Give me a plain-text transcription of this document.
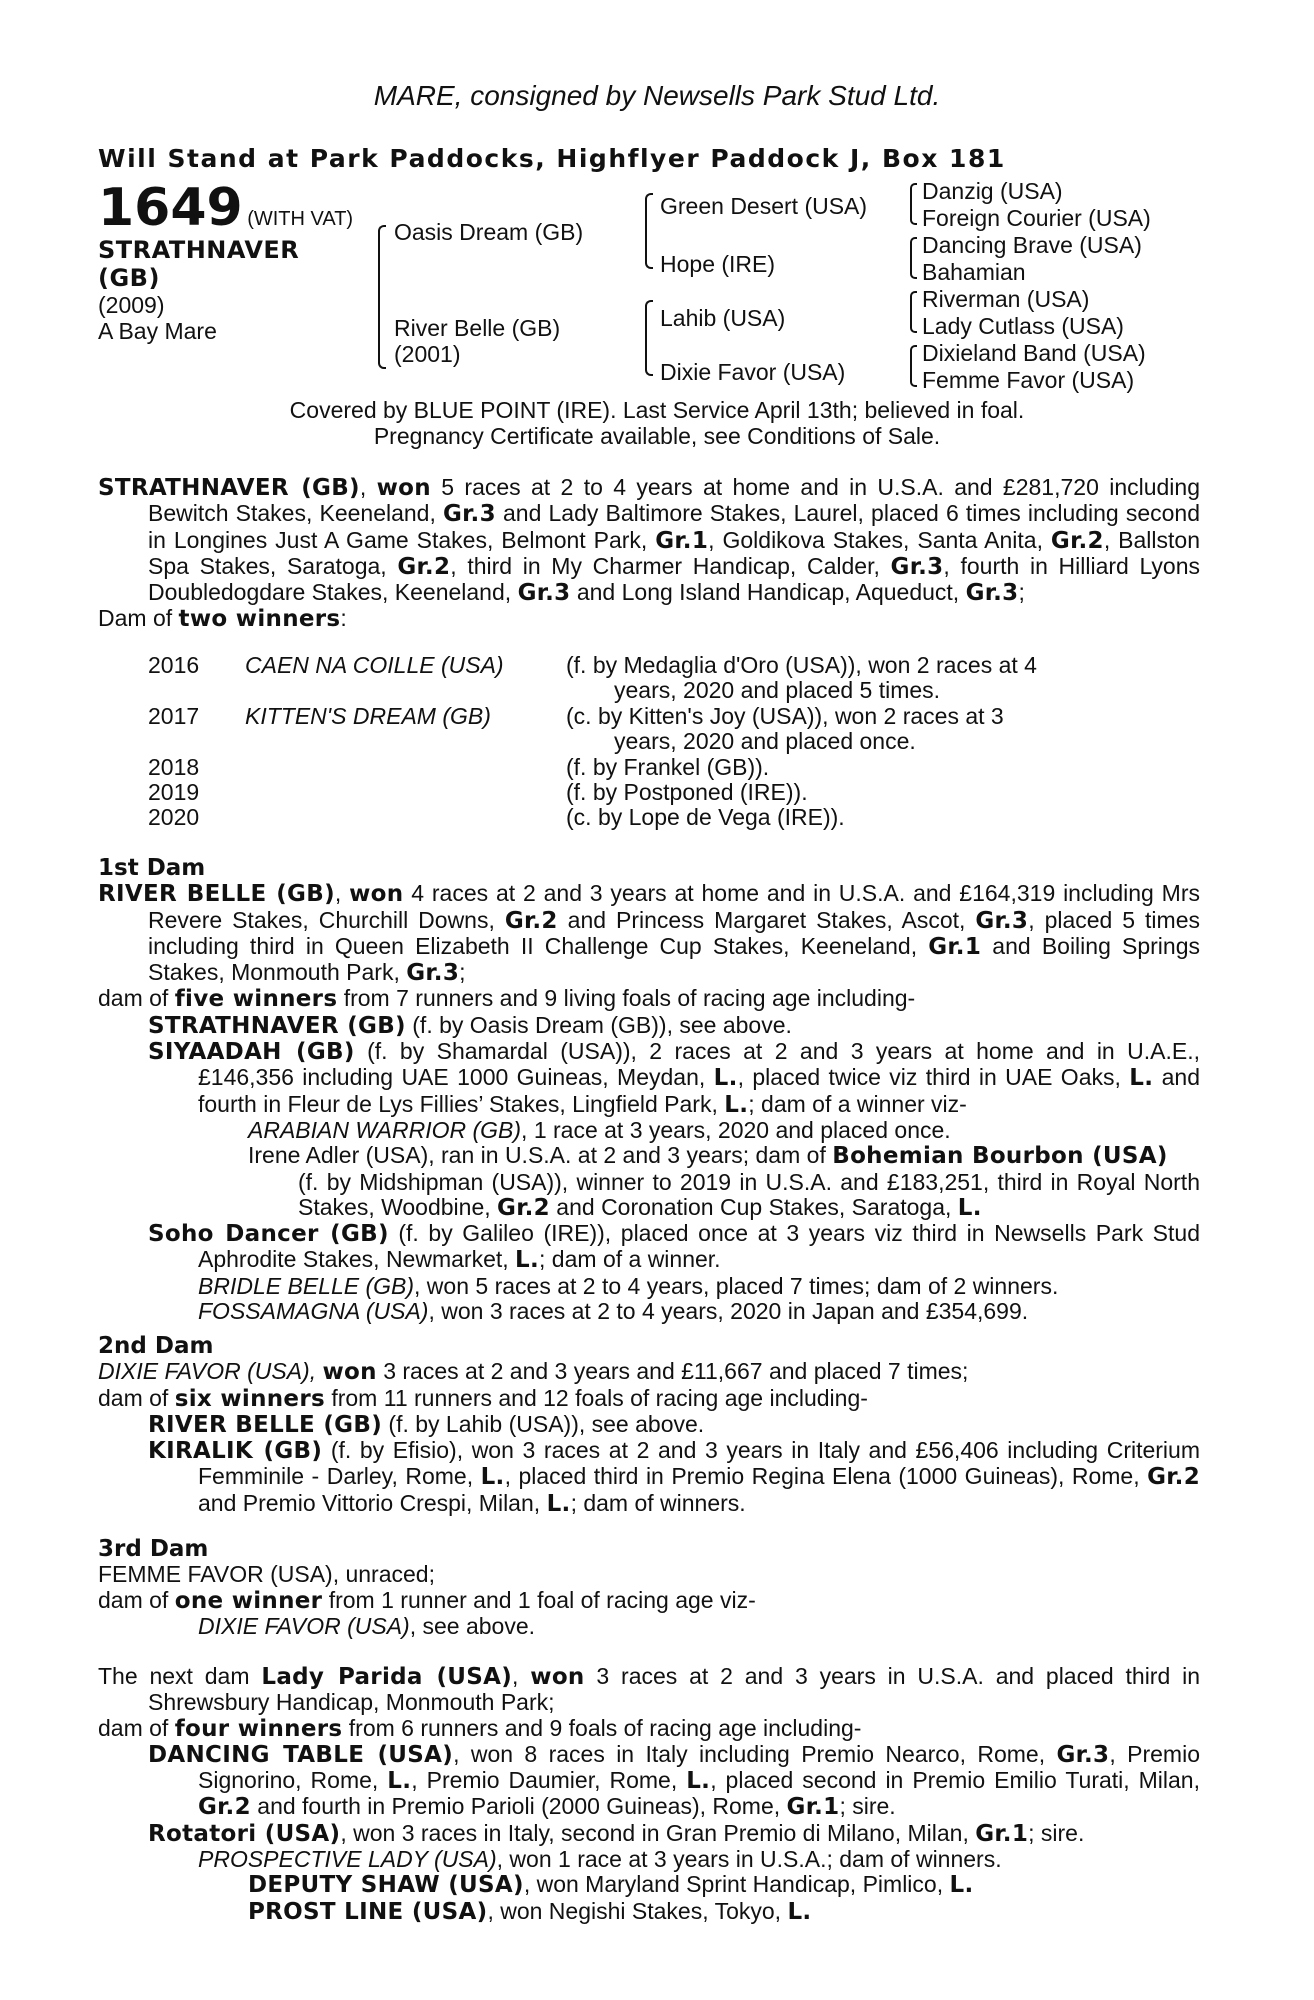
MARE, consigned by Newsells Park Stud Ltd.
Will Stand at Park Paddocks, Highflyer Paddock J, Box 181
1649 (WITH VAT)
STRATHNAVER
(GB)
(2009)
A Bay Mare
Oasis Dream (GB)
River Belle (GB)
(2001)
Green Desert (USA)
Hope (IRE)
Lahib (USA)
Dixie Favor (USA)
Danzig (USA)
Foreign Courier (USA)
Dancing Brave (USA)
Bahamian
Riverman (USA)
Lady Cutlass (USA)
Dixieland Band (USA)
Femme Favor (USA)
Covered by BLUE POINT (IRE). Last Service April 13th; believed in foal.
Pregnancy Certificate available, see Conditions of Sale.

STRATHNAVER (GB), won 5 races at 2 to 4 years at home and in U.S.A. and £281,720 including Bewitch Stakes, Keeneland, Gr.3 and Lady Baltimore Stakes, Laurel, placed 6 times including second in Longines Just A Game Stakes, Belmont Park, Gr.1, Goldikova Stakes, Santa Anita, Gr.2, Ballston Spa Stakes, Saratoga, Gr.2, third in My Charmer Handicap, Calder, Gr.3, fourth in Hilliard Lyons Doubledogdare Stakes, Keeneland, Gr.3 and Long Island Handicap, Aqueduct, Gr.3;

Dam of two winners:

2016 CAEN NA COILLE (USA)	(f. by Medaglia d'Oro (USA)), won 2 races at 4
years, 2020 and placed 5 times.
2017 KITTEN'S DREAM (GB)	(c. by Kitten's Joy (USA)), won 2 races at 3
years, 2020 and placed once.
2018	(f. by Frankel (GB)).
2019	(f. by Postponed (IRE)).
2020	(c. by Lope de Vega (IRE)).

1st Dam

RIVER BELLE (GB), won 4 races at 2 and 3 years at home and in U.S.A. and £164,319 including Mrs Revere Stakes, Churchill Downs, Gr.2 and Princess Margaret Stakes, Ascot, Gr.3, placed 5 times including third in Queen Elizabeth II Challenge Cup Stakes, Keeneland, Gr.1 and Boiling Springs Stakes, Monmouth Park, Gr.3;

dam of five winners from 7 runners and 9 living foals of racing age including-

STRATHNAVER (GB) (f. by Oasis Dream (GB)), see above.

SIYAADAH (GB) (f. by Shamardal (USA)), 2 races at 2 and 3 years at home and in U.A.E., £146,356 including UAE 1000 Guineas, Meydan, L., placed twice viz third in UAE Oaks, L. and fourth in Fleur de Lys Fillies’ Stakes, Lingfield Park, L.; dam of a winner viz-

ARABIAN WARRIOR (GB), 1 race at 3 years, 2020 and placed once.

Irene Adler (USA), ran in U.S.A. at 2 and 3 years; dam of Bohemian Bourbon (USA)

(f. by Midshipman (USA)), winner to 2019 in U.S.A. and £183,251, third in Royal North Stakes, Woodbine, Gr.2 and Coronation Cup Stakes, Saratoga, L.

Soho Dancer (GB) (f. by Galileo (IRE)), placed once at 3 years viz third in Newsells Park Stud Aphrodite Stakes, Newmarket, L.; dam of a winner.

BRIDLE BELLE (GB), won 5 races at 2 to 4 years, placed 7 times; dam of 2 winners.

FOSSAMAGNA (USA), won 3 races at 2 to 4 years, 2020 in Japan and £354,699.

2nd Dam

DIXIE FAVOR (USA), won 3 races at 2 and 3 years and £11,667 and placed 7 times;

dam of six winners from 11 runners and 12 foals of racing age including-

RIVER BELLE (GB) (f. by Lahib (USA)), see above.

KIRALIK (GB) (f. by Efisio), won 3 races at 2 and 3 years in Italy and £56,406 including Criterium Femminile - Darley, Rome, L., placed third in Premio Regina Elena (1000 Guineas), Rome, Gr.2 and Premio Vittorio Crespi, Milan, L.; dam of winners.

3rd Dam

FEMME FAVOR (USA), unraced;

dam of one winner from 1 runner and 1 foal of racing age viz-

DIXIE FAVOR (USA), see above.

The next dam Lady Parida (USA), won 3 races at 2 and 3 years in U.S.A. and placed third in Shrewsbury Handicap, Monmouth Park;

dam of four winners from 6 runners and 9 foals of racing age including-

DANCING TABLE (USA), won 8 races in Italy including Premio Nearco, Rome, Gr.3, Premio Signorino, Rome, L., Premio Daumier, Rome, L., placed second in Premio Emilio Turati, Milan, Gr.2 and fourth in Premio Parioli (2000 Guineas), Rome, Gr.1; sire.

Rotatori (USA), won 3 races in Italy, second in Gran Premio di Milano, Milan, Gr.1; sire.

PROSPECTIVE LADY (USA), won 1 race at 3 years in U.S.A.; dam of winners.

DEPUTY SHAW (USA), won Maryland Sprint Handicap, Pimlico, L.

PROST LINE (USA), won Negishi Stakes, Tokyo, L.
